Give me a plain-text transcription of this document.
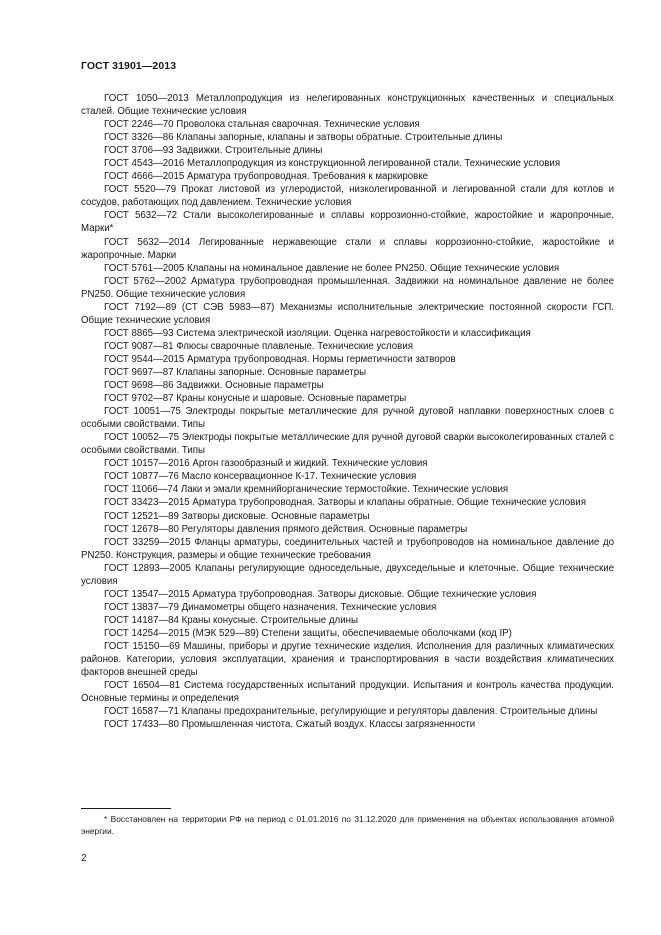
ГОСТ 31901—2013

ГОСТ 1050—2013 Металлопродукция из нелегированных конструкционных качественных и специальных сталей. Общие технические условия

ГОСТ 2246—70 Проволока стальная сварочная. Технические условия

ГОСТ 3326—86 Клапаны запорные, клапаны и затворы обратные. Строительные длины

ГОСТ 3706—93 Задвижки. Строительные длины

ГОСТ 4543—2016 Металлопродукция из конструкционной легированной стали. Технические условия

ГОСТ 4666—2015 Арматура трубопроводная. Требования к маркировке

ГОСТ 5520—79 Прокат листовой из углеродистой, низколегированной и легированной стали для котлов и сосудов, работающих под давлением. Технические условия

ГОСТ 5632—72 Стали высоколегированные и сплавы коррозионно-стойкие, жаростойкие и жаропрочные. Марки*

ГОСТ 5632—2014 Легированные нержавеющие стали и сплавы коррозионно-стойкие, жаростойкие и жаропрочные. Марки

ГОСТ 5761—2005 Клапаны на номинальное давление не более PN250. Общие технические условия

ГОСТ 5762—2002 Арматура трубопроводная промышленная. Задвижки на номинальное давление не более PN250. Общие технические условия

ГОСТ 7192—89 (СТ СЭВ 5983—87) Механизмы исполнительные электрические постоянной скорости ГСП. Общие технические условия

ГОСТ 8865—93 Система электрической изоляции. Оценка нагревостойкости и классификация

ГОСТ 9087—81 Флюсы сварочные плавленые. Технические условия

ГОСТ 9544—2015 Арматура трубопроводная. Нормы герметичности затворов

ГОСТ 9697—87 Клапаны запорные. Основные параметры

ГОСТ 9698—86 Задвижки. Основные параметры

ГОСТ 9702—87 Краны конусные и шаровые. Основные параметры

ГОСТ 10051—75 Электроды покрытые металлические для ручной дуговой наплавки поверхностных слоев с особыми свойствами. Типы

ГОСТ 10052—75 Электроды покрытые металлические для ручной дуговой сварки высоколегированных сталей с особыми свойствами. Типы

ГОСТ 10157—2016 Аргон газообразный и жидкий. Технические условия

ГОСТ 10877—76 Масло консервационное К-17. Технические условия

ГОСТ 11066—74 Лаки и эмали кремнийорганические термостойкие. Технические условия

ГОСТ 33423—2015 Арматура трубопроводная. Затворы и клапаны обратные. Общие технические условия

ГОСТ 12521—89 Затворы дисковые. Основные параметры

ГОСТ 12678—80 Регуляторы давления прямого действия. Основные параметры

ГОСТ 33259—2015 Фланцы арматуры, соединительных частей и трубопроводов на номинальное давление до PN250. Конструкция, размеры и общие технические требования

ГОСТ 12893—2005 Клапаны регулирующие односедельные, двухседельные и клеточные. Общие технические условия

ГОСТ 13547—2015 Арматура трубопроводная. Затворы дисковые. Общие технические условия

ГОСТ 13837—79 Динамометры общего назначения. Технические условия

ГОСТ 14187—84 Краны конусные. Строительные длины

ГОСТ 14254—2015 (МЭК 529—89) Степени защиты, обеспечиваемые оболочками (код IP)

ГОСТ 15150—69 Машины, приборы и другие технические изделия. Исполнения для различных климатических районов. Категории, условия эксплуатации, хранения и транспортирования в части воздействия климатических факторов внешней среды

ГОСТ 16504—81 Система государственных испытаний продукции. Испытания и контроль качества продукции. Основные термины и определения

ГОСТ 16587—71 Клапаны предохранительные, регулирующие и регуляторы давления. Строительные длины

ГОСТ 17433—80 Промышленная чистота. Сжатый воздух. Классы загрязненности

* Восстановлен на территории РФ на период с 01.01.2016 по 31.12.2020 для применения на объектах использования атомной энергии.
2
